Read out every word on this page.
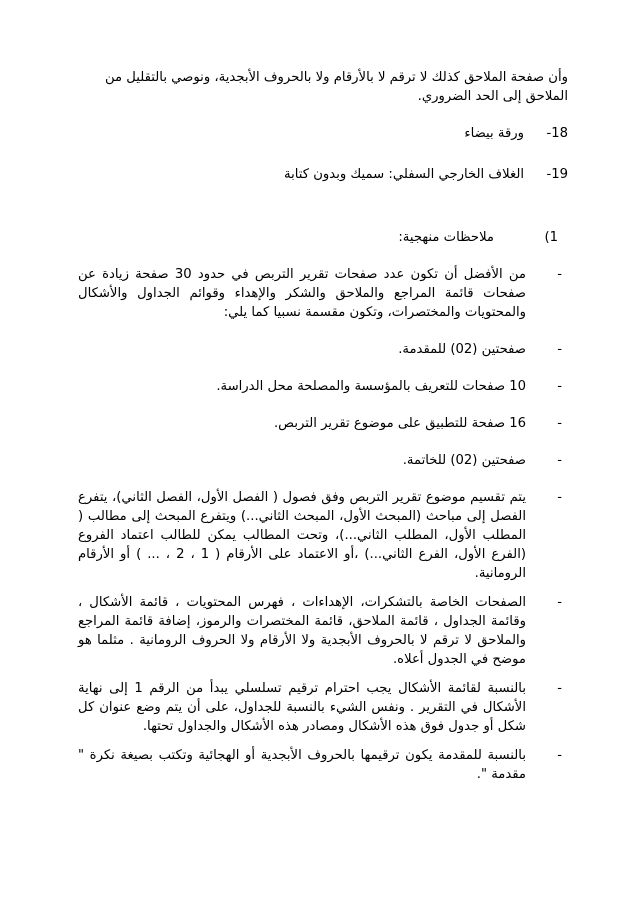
وأن صفحة الملاحق كذلك لا ترقم لا بالأرقام ولا بالحروف الأبجدية، ونوصي بالتقليل من
الملاحق إلى الحد الضروري.

-18
ورقة بيضاء
-19
الغلاف الخارجي السفلي: سميك وبدون كتابة
1)
ملاحظات منهجية:
-
من الأفضل أن تكون عدد صفحات تقرير التربص في حدود 30 صفحة زيادة عن صفحات قائمة المراجع والملاحق والشكر والإهداء وقوائم الجداول والأشكال والمحتويات والمختصرات، وتكون مقسمة نسبيا كما يلي:
-
صفحتين (02) للمقدمة.
-
10 صفحات للتعريف بالمؤسسة والمصلحة محل الدراسة.
-
16 صفحة للتطبيق على موضوع تقرير التربص.
-
صفحتين (02) للخاتمة.
-
يتم تقسيم موضوع تقرير التربص وفق فصول ( الفصل الأول، الفصل الثاني)، يتفرع الفصل إلى مباحث (المبحث الأول، المبحث الثاني...) ويتفرع المبحث إلى مطالب ( المطلب الأول، المطلب الثاني...)، وتحت المطالب يمكن للطالب اعتماد الفروع (الفرع الأول، الفرع الثاني...) ،أو الاعتماد على الأرقام ( 1 ، 2 ، ... ) أو الأرقام الرومانية.
-
الصفحات الخاصة بالتشكرات، الإهداءات ، فهرس المحتويات ، قائمة الأشكال ، وقائمة الجداول ، قائمة الملاحق، قائمة المختصرات والرموز، إضافة قائمة المراجع والملاحق لا ترقم لا بالحروف الأبجدية ولا الأرقام ولا الحروف الرومانية . مثلما هو موضح في الجدول أعلاه.
-
بالنسبة لقائمة الأشكال يجب احترام ترقيم تسلسلي يبدأ من الرقم 1 إلى نهاية الأشكال في التقرير . ونفس الشيء بالنسبة للجداول، على أن يتم وضع عنوان كل شكل أو جدول فوق هذه الأشكال ومصادر هذه الأشكال والجداول تحتها.
-
بالنسبة للمقدمة يكون ترقيمها بالحروف الأبجدية أو الهجائية وتكتب بصيغة نكرة " مقدمة ".
